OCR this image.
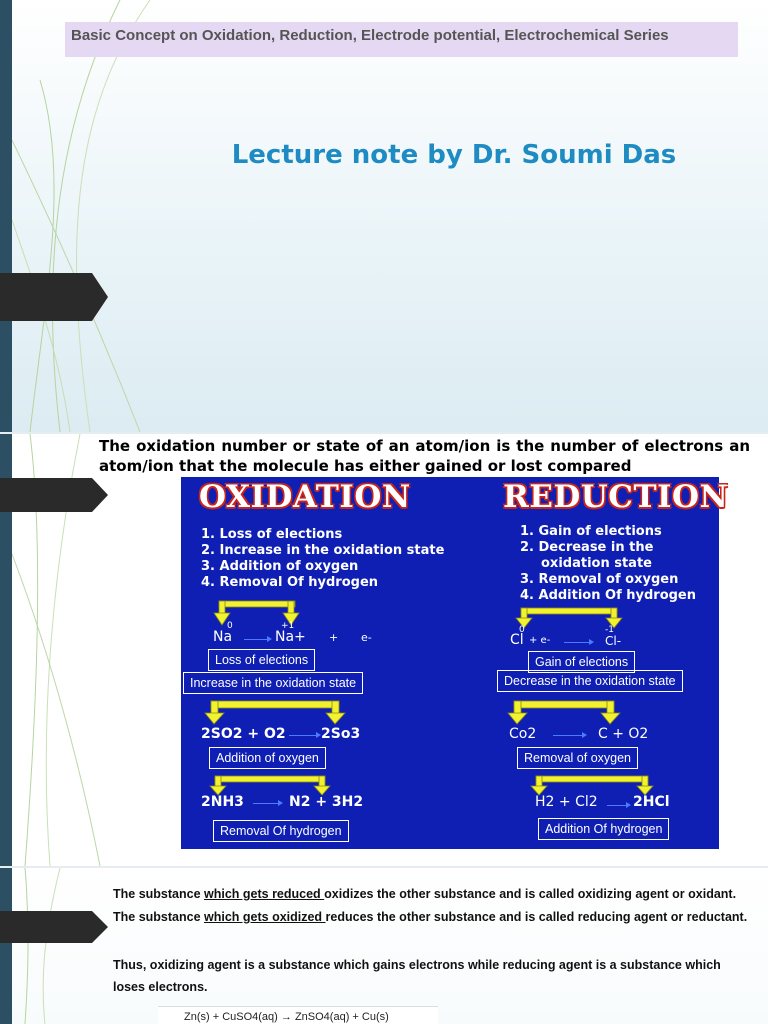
Basic Concept on Oxidation, Reduction, Electrode potential, Electrochemical Series
Lecture note by Dr. Soumi Das
The oxidation number or state of an atom/ion is the number of electrons an atom/ion that the molecule has either gained or lost compared
OXIDATION	REDUCTION
1. Loss of elections
2. Increase in the oxidation state
3. Addition of oxygen
4. Removal Of hydrogen
1. Gain of elections
2. Decrease in the
oxidation state
3. Removal of oxygen
4. Addition Of hydrogen
0	+1
Na → Na+ + e-
Loss of elections
Increase in the oxidation state
2SO2 + O2 → 2So3
Addition of oxygen
2NH3 → N2 + 3H2
Removal Of hydrogen
0	-1
Cl + e- → Cl-
Gain of elections
Decrease in the oxidation state
Co2 → C + O2
Removal of oxygen
H2 + Cl2 → 2HCl
Addition Of hydrogen
The substance which gets reduced oxidizes the other substance and is called oxidizing agent or oxidant.
The substance which gets oxidized reduces the other substance and is called reducing agent or reductant.
Thus, oxidizing agent is a substance which gains electrons while reducing agent is a substance which loses electrons.
Zn(s) + CuSO4(aq) → ZnSO4(aq) + Cu(s)
